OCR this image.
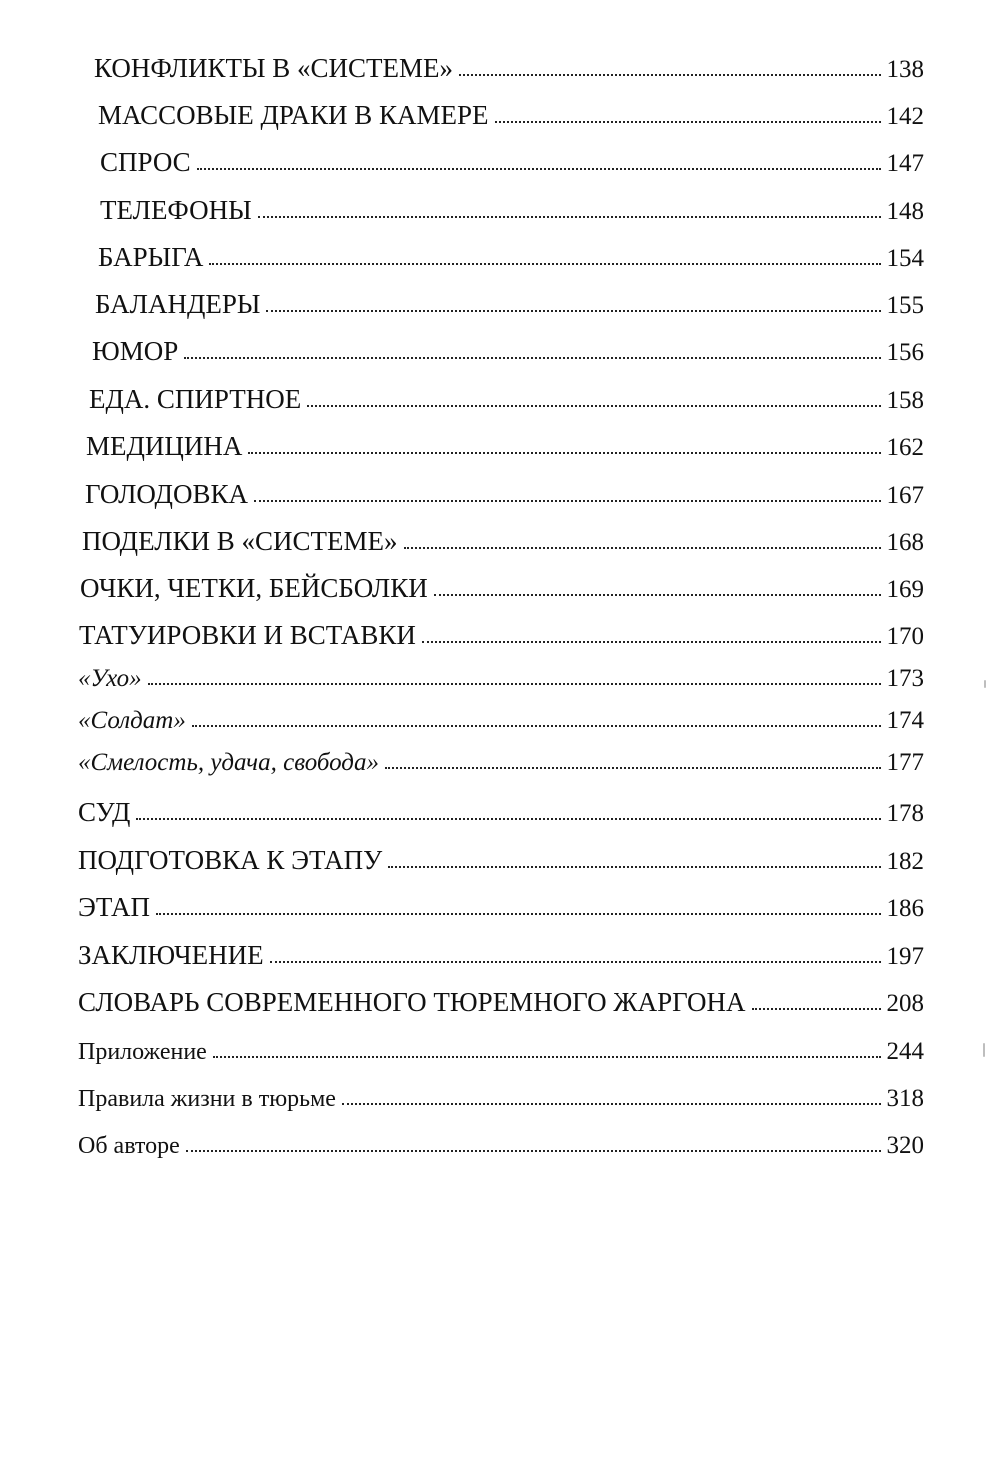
КОНФЛИКТЫ В «СИСТЕМЕ»	138
МАССОВЫЕ ДРАКИ В КАМЕРЕ	142
СПРОС	147
ТЕЛЕФОНЫ	148
БАРЫГА	154
БАЛАНДЕРЫ	155
ЮМОР	156
ЕДА. СПИРТНОЕ	158
МЕДИЦИНА	162
ГОЛОДОВКА	167
ПОДЕЛКИ В «СИСТЕМЕ»	168
ОЧКИ, ЧЕТКИ, БЕЙСБОЛКИ	169
ТАТУИРОВКИ И ВСТАВКИ	170
«Ухо»	173
«Солдат»	174
«Смелость, удача, свобода»	177
СУД	178
ПОДГОТОВКА К ЭТАПУ	182
ЭТАП	186
ЗАКЛЮЧЕНИЕ	197
СЛОВАРЬ СОВРЕМЕННОГО ТЮРЕМНОГО ЖАРГОНА	208
Приложение	244
Правила жизни в тюрьме	318
Об авторе	320
